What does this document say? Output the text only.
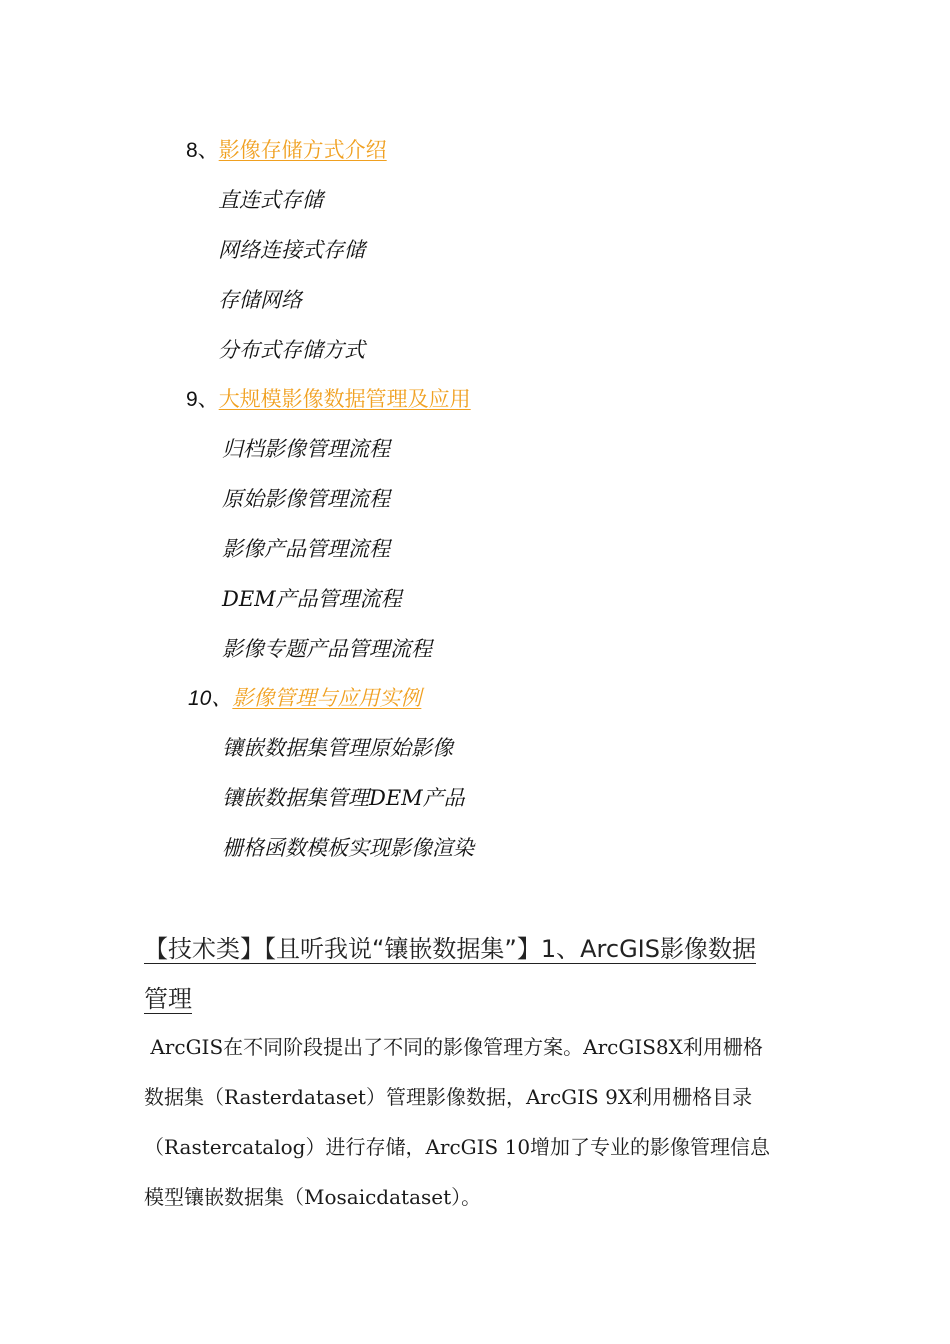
8、影像存储方式介绍
直连式存储
网络连接式存储
存储网络
分布式存储方式
9、大规模影像数据管理及应用
归档影像管理流程
原始影像管理流程
影像产品管理流程
DEM产品管理流程
影像专题产品管理流程
10、影像管理与应用实例
镶嵌数据集管理原始影像
镶嵌数据集管理DEM产品
栅格函数模板实现影像渲染
【技术类】【且听我说“镶嵌数据集”】1、ArcGIS影像数据
管理
ArcGIS在不同阶段提出了不同的影像管理方案。ArcGIS8X利用栅格
数据集（Rasterdataset）管理影像数据，ArcGIS 9X利用栅格目录
（Rastercatalog）进行存储，ArcGIS 10增加了专业的影像管理信息
模型镶嵌数据集（Mosaicdataset）。
